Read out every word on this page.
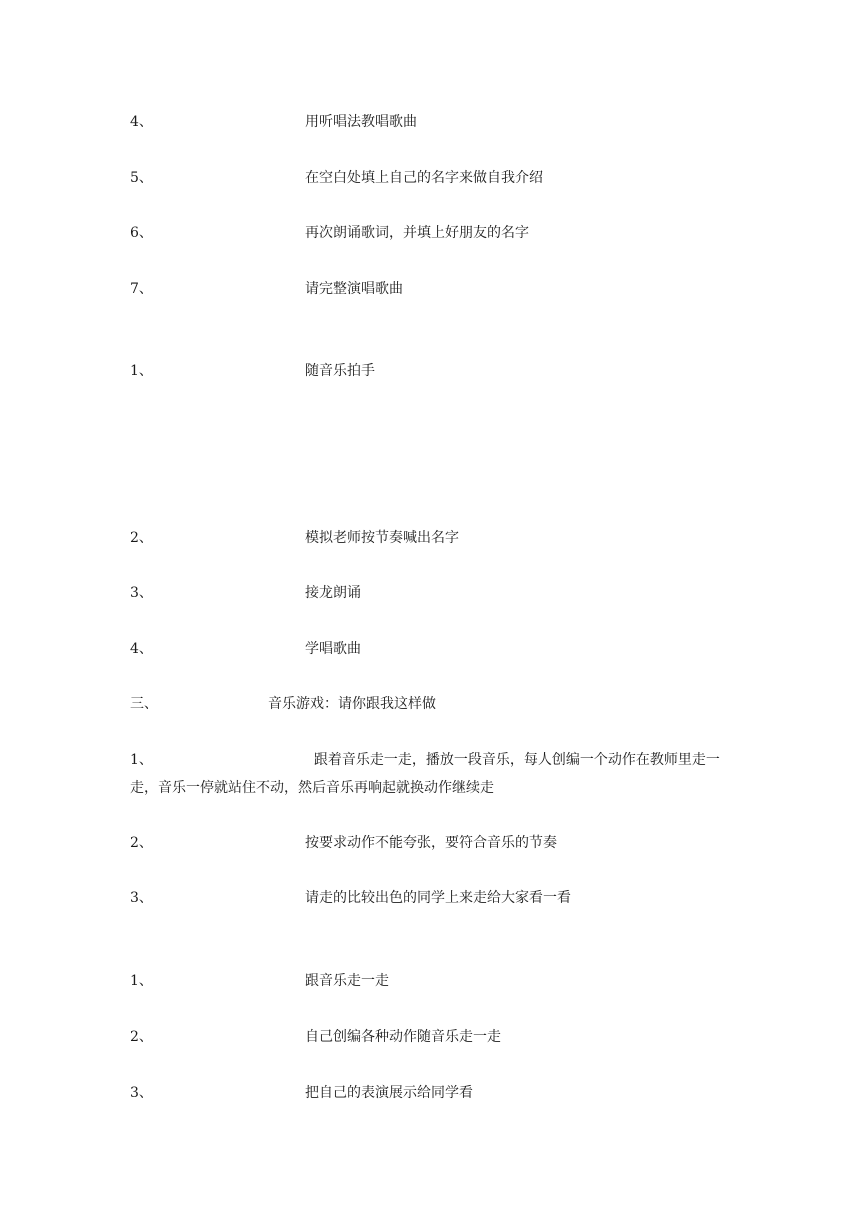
4、	用听唱法教唱歌曲
5、	在空白处填上自己的名字来做自我介绍
6、	再次朗诵歌词，并填上好朋友的名字
7、	请完整演唱歌曲
1、	随音乐拍手
2、	模拟老师按节奏喊出名字
3、	接龙朗诵
4、	学唱歌曲
三、	音乐游戏：请你跟我这样做
1、	跟着音乐走一走，播放一段音乐，每人创编一个动作在教师里走一走，音乐一停就站住不动，然后音乐再响起就换动作继续走
2、	按要求动作不能夸张，要符合音乐的节奏
3、	请走的比较出色的同学上来走给大家看一看
1、	跟音乐走一走
2、	自己创编各种动作随音乐走一走
3、	把自己的表演展示给同学看
